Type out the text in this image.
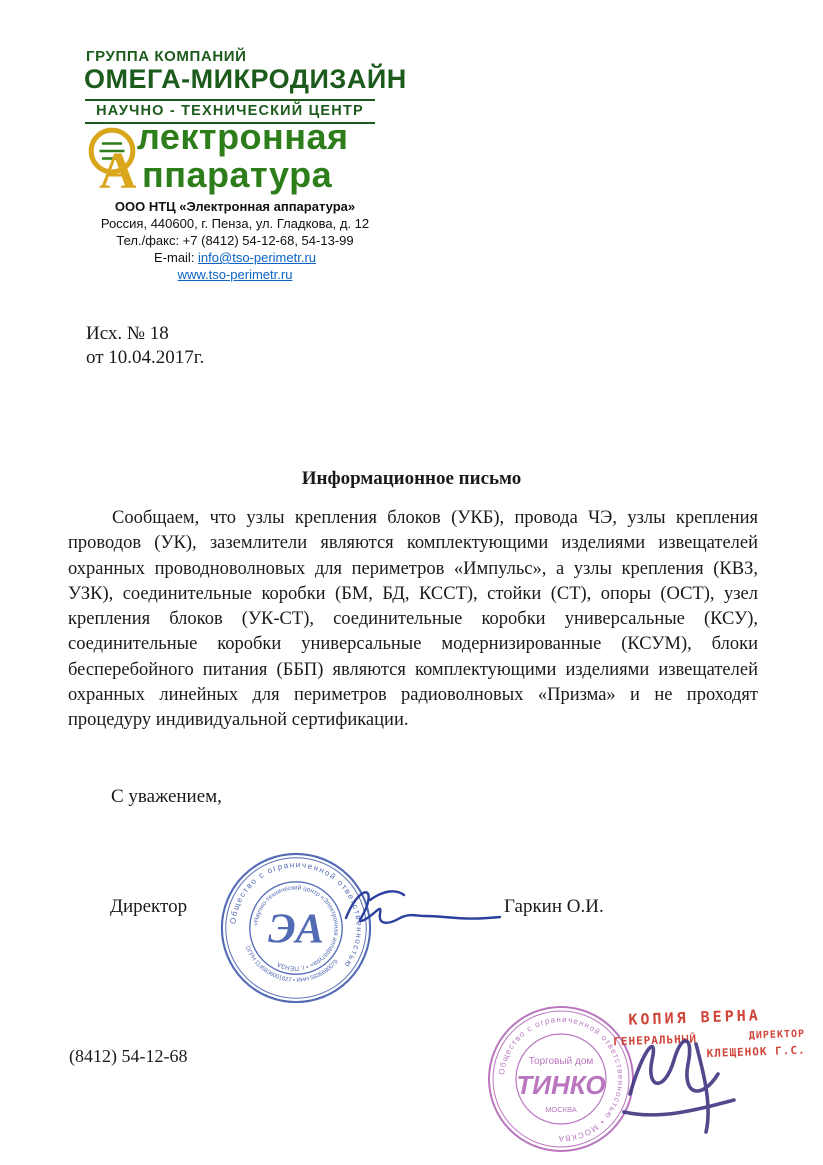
ГРУППА КОМПАНИЙ
ОМЕГА-МИКРОДИЗАЙН
НАУЧНО - ТЕХНИЧЕСКИЙ ЦЕНТР
лектронная
А ппаратура
ООО НТЦ «Электронная аппаратура»
Россия, 440600, г. Пенза, ул. Гладкова, д. 12
Тел./факс: +7 (8412) 54-12-68, 54-13-99
E-mail: info@tso-perimetr.ru
www.tso-perimetr.ru
Исх. № 18
от 10.04.2017г.
Информационное письмо

Сообщаем, что узлы крепления блоков (УКБ), провода ЧЭ, узлы крепления проводов (УК), заземлители являются комплектующими изделиями извещателей охранных проводноволновых для периметров «Импульс», а узлы крепления (КВЗ, УЗК), соединительные коробки (БМ, БД, КССТ), стойки (СТ), опоры (ОСТ), узел крепления блоков (УК-СТ), соединительные коробки универсальные (КСУ), соединительные коробки универсальные модернизированные (КСУМ), блоки бесперебойного питания (ББП) являются комплектующими изделиями извещателей охранных линейных для периметров радиоволновых «Призма» и не проходят процедуру индивидуальной сертификации.

С уважением,
Директор	Гаркин О.И.
(8412) 54-12-68
Общество с ограниченной ответственностью
«Научно-технический центр «Электронная аппаратура» • г. ПЕНЗА
ОГРН 1145836001827 • ИНН 5836680079
ЭА
Общество с ограниченной ответственностью • МОСКВА
Торговый дом
ТИНКО
МОСКВА
КОПИЯ ВЕРНА
ГЕНЕРАЛЬНЫЙ	ДИРЕКТОР
КЛЕЩЕНОК Г.С.
